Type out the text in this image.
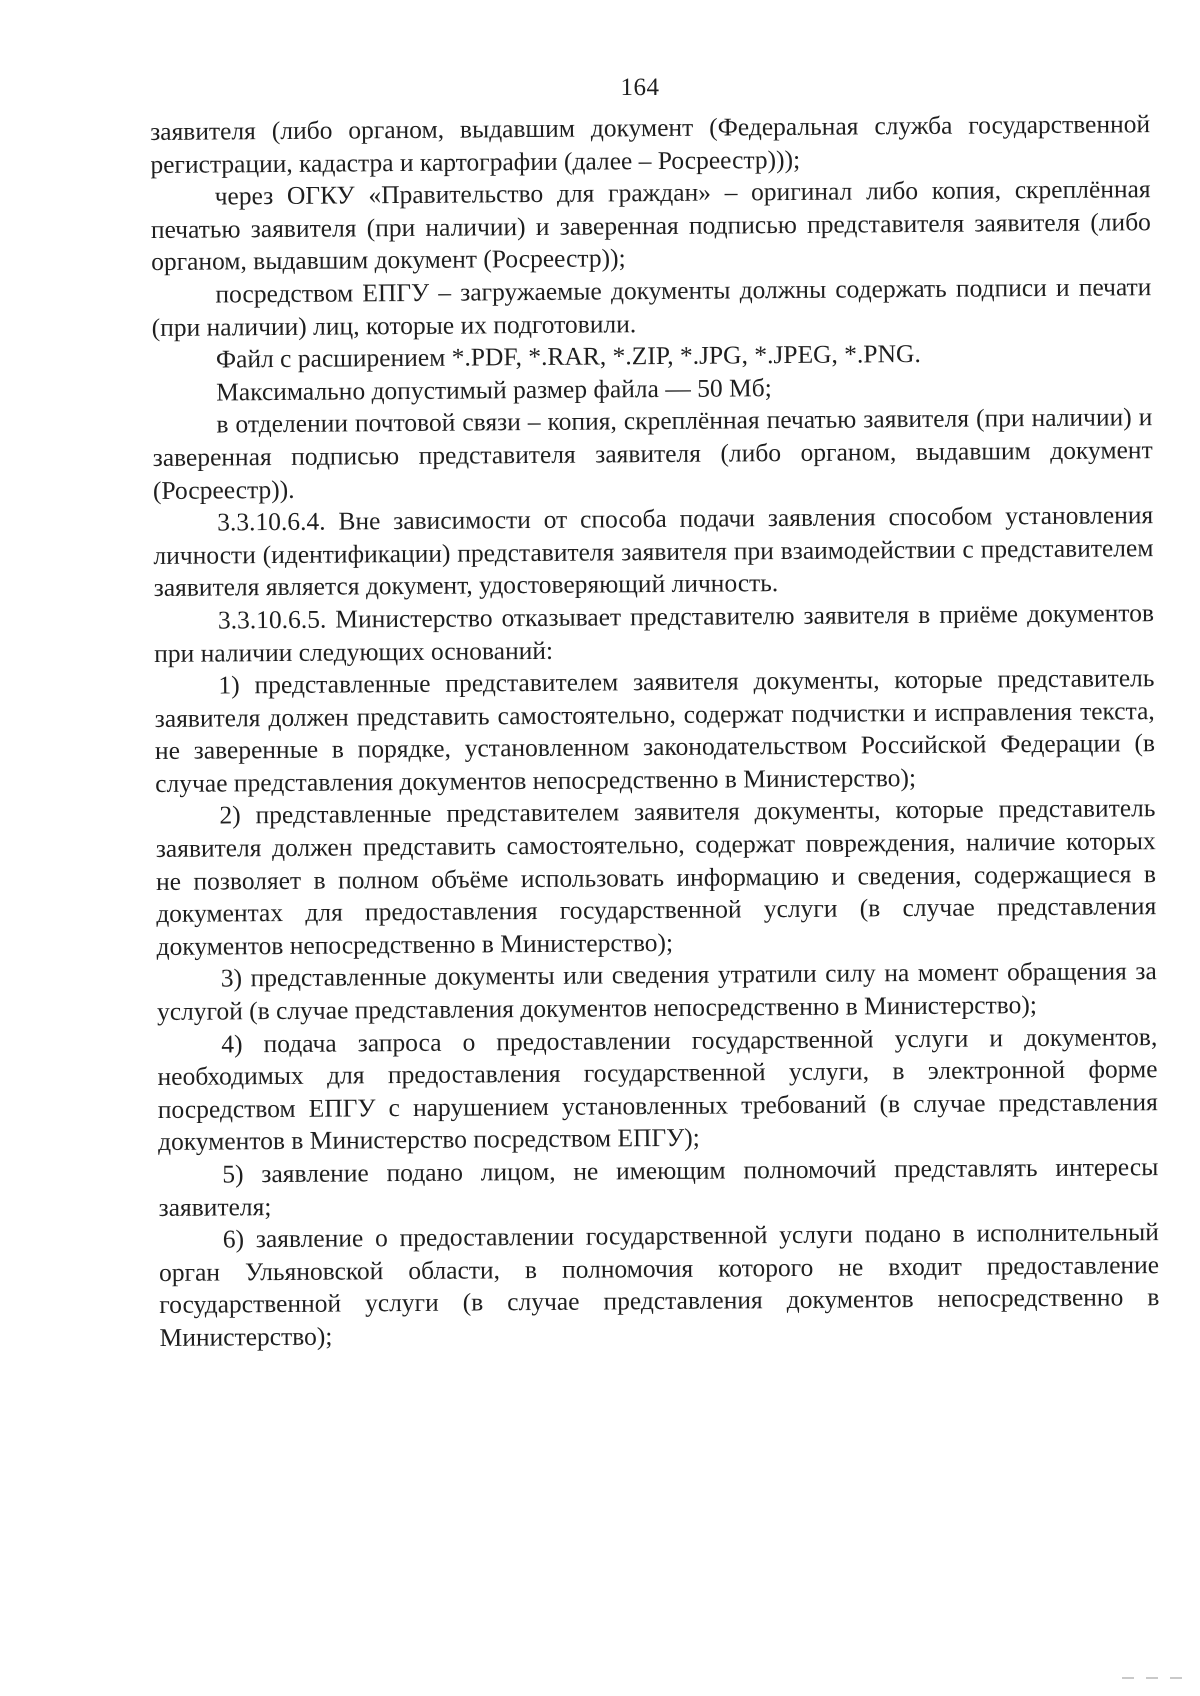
164

заявителя (либо органом, выдавшим документ (Федеральная служба государственной регистрации, кадастра и картографии (далее – Росреестр)));

через ОГКУ «Правительство для граждан» – оригинал либо копия, скреплённая печатью заявителя (при наличии) и заверенная подписью представителя заявителя (либо органом, выдавшим документ (Росреестр));

посредством ЕПГУ – загружаемые документы должны содержать подписи и печати (при наличии) лиц, которые их подготовили.

Файл с расширением *.PDF, *.RAR, *.ZIP, *.JPG, *.JPEG, *.PNG.

Максимально допустимый размер файла — 50 Мб;

в отделении почтовой связи – копия, скреплённая печатью заявителя (при наличии) и заверенная подписью представителя заявителя (либо органом, выдавшим документ (Росреестр)).

3.3.10.6.4. Вне зависимости от способа подачи заявления способом установления личности (идентификации) представителя заявителя при взаимодействии с представителем заявителя является документ, удостоверяющий личность.

3.3.10.6.5. Министерство отказывает представителю заявителя в приёме документов при наличии следующих оснований:

1) представленные представителем заявителя документы, которые представитель заявителя должен представить самостоятельно, содержат подчистки и исправления текста, не заверенные в порядке, установленном законодательством Российской Федерации (в случае представления документов непосредственно в Министерство);

2) представленные представителем заявителя документы, которые представитель заявителя должен представить самостоятельно, содержат повреждения, наличие которых не позволяет в полном объёме использовать информацию и сведения, содержащиеся в документах для предоставления государственной услуги (в случае представления документов непосредственно в Министерство);

3) представленные документы или сведения утратили силу на момент обращения за услугой (в случае представления документов непосредственно в Министерство);

4) подача запроса о предоставлении государственной услуги и документов, необходимых для предоставления государственной услуги, в электронной форме посредством ЕПГУ с нарушением установленных требований (в случае представления документов в Министерство посредством ЕПГУ);

5) заявление подано лицом, не имеющим полномочий представлять интересы заявителя;

6) заявление о предоставлении государственной услуги подано в исполнительный орган Ульяновской области, в полномочия которого не входит предоставление государственной услуги (в случае представления документов непосредственно в Министерство);
